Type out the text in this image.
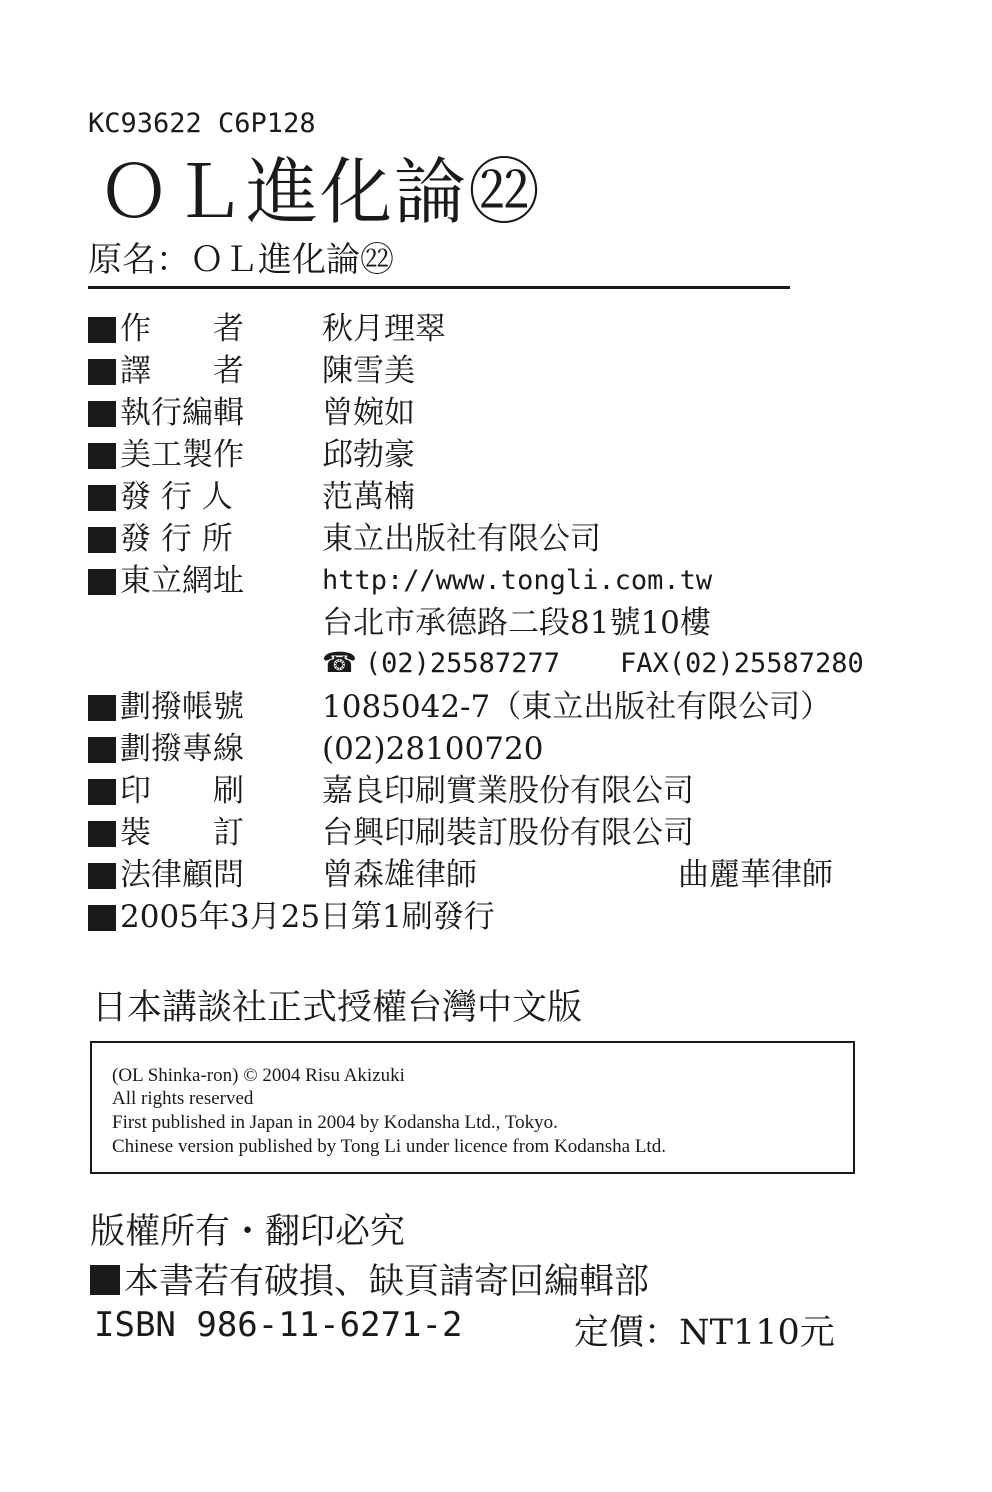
KC93622 C6P128
ＯＬ進化論㉒
原名：ＯＬ進化論㉒
作　　者	秋月理翠
譯　　者	陳雪美
執行編輯	曾婉如
美工製作	邱勃豪
發 行 人	范萬楠
發 行 所	東立出版社有限公司
東立網址	http://www.tongli.com.tw
台北市承德路二段81號10樓
☎ (02)25587277 FAX(02)25587280
劃撥帳號	1085042-7（東立出版社有限公司）
劃撥專線	(02)28100720
印　　刷	嘉良印刷實業股份有限公司
裝　　訂	台興印刷裝訂股份有限公司
法律顧問	曾森雄律師	曲麗華律師
2005年3月25日第1刷發行
日本講談社正式授權台灣中文版
(OL Shinka-ron) © 2004 Risu Akizuki
All rights reserved
First published in Japan in 2004 by Kodansha Ltd., Tokyo.
Chinese version published by Tong Li under licence from Kodansha Ltd.
版權所有・翻印必究
本書若有破損、缺頁請寄回編輯部
ISBN 986-11-6271-2	定價：NT110元
